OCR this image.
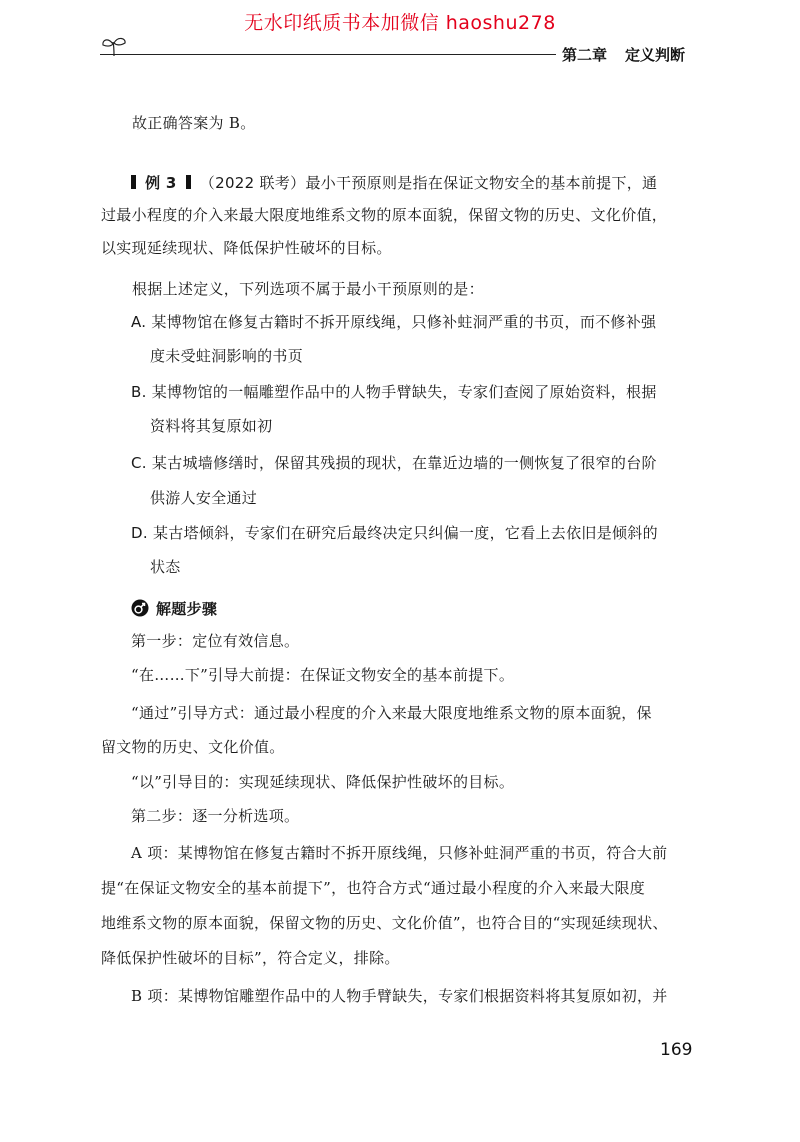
无水印纸质书本加微信 haoshu278
第二章 定义判断
故正确答案为 B。
例 3 （2022 联考）最小干预原则是指在保证文物安全的基本前提下，通
过最小程度的介入来最大限度地维系文物的原本面貌，保留文物的历史、文化价值，
以实现延续现状、降低保护性破坏的目标。
根据上述定义，下列选项不属于最小干预原则的是：
A. 某博物馆在修复古籍时不拆开原线绳，只修补蛀洞严重的书页，而不修补强
度未受蛀洞影响的书页
B. 某博物馆的一幅雕塑作品中的人物手臂缺失，专家们查阅了原始资料，根据
资料将其复原如初
C. 某古城墙修缮时，保留其残损的现状，在靠近边墙的一侧恢复了很窄的台阶
供游人安全通过
D. 某古塔倾斜，专家们在研究后最终决定只纠偏一度，它看上去依旧是倾斜的
状态
解题步骤
第一步：定位有效信息。
“在……下”引导大前提：在保证文物安全的基本前提下。
“通过”引导方式：通过最小程度的介入来最大限度地维系文物的原本面貌，保
留文物的历史、文化价值。
“以”引导目的：实现延续现状、降低保护性破坏的目标。
第二步：逐一分析选项。
A 项：某博物馆在修复古籍时不拆开原线绳，只修补蛀洞严重的书页，符合大前
提“在保证文物安全的基本前提下”，也符合方式“通过最小程度的介入来最大限度
地维系文物的原本面貌，保留文物的历史、文化价值”，也符合目的“实现延续现状、
降低保护性破坏的目标”，符合定义，排除。
B 项：某博物馆雕塑作品中的人物手臂缺失，专家们根据资料将其复原如初，并
169
